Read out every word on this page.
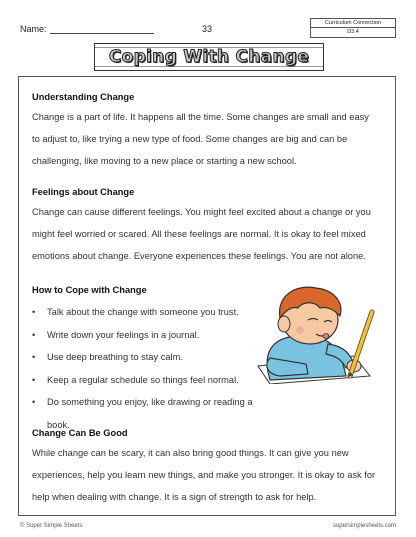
Name:	33
Curriculum Connection
D3.4
Coping With Change
Understanding Change

Change is a part of life. It happens all the time. Some changes are small and easy

to adjust to, like trying a new type of food. Some changes are big and can be

challenging, like moving to a new place or starting a new school.

Feelings about Change

Change can cause different feelings. You might feel excited about a change or you

might feel worried or scared. All these feelings are normal. It is okay to feel mixed

emotions about change. Everyone experiences these feelings. You are not alone.

How to Cope with Change
• Talk about the change with someone you trust.
• Write down your feelings in a journal.
• Use deep breathing to stay calm.
• Keep a regular schedule so things feel normal.
• Do something you enjoy, like drawing or reading a book.
Change Can Be Good

While change can be scary, it can also bring good things. It can give you new

experiences, help you learn new things, and make you stronger. It is okay to ask for

help when dealing with change. It is a sign of strength to ask for help.

© Super Simple Sheets	supersimplesheets.com
